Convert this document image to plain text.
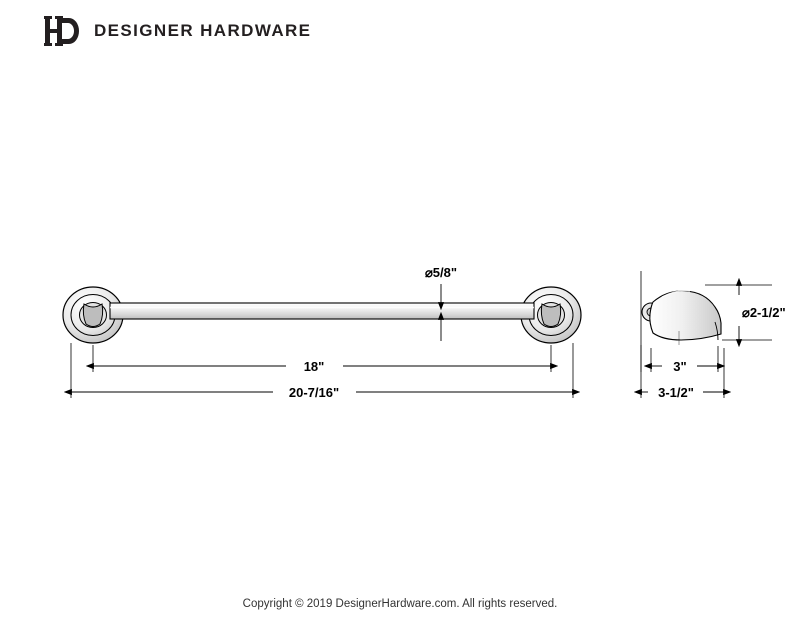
DESIGNER HARDWARE
18"
20-7/16"
⌀5/8"
3"
3-1/2"
⌀2-1/2"
Copyright © 2019 DesignerHardware.com. All rights reserved.
